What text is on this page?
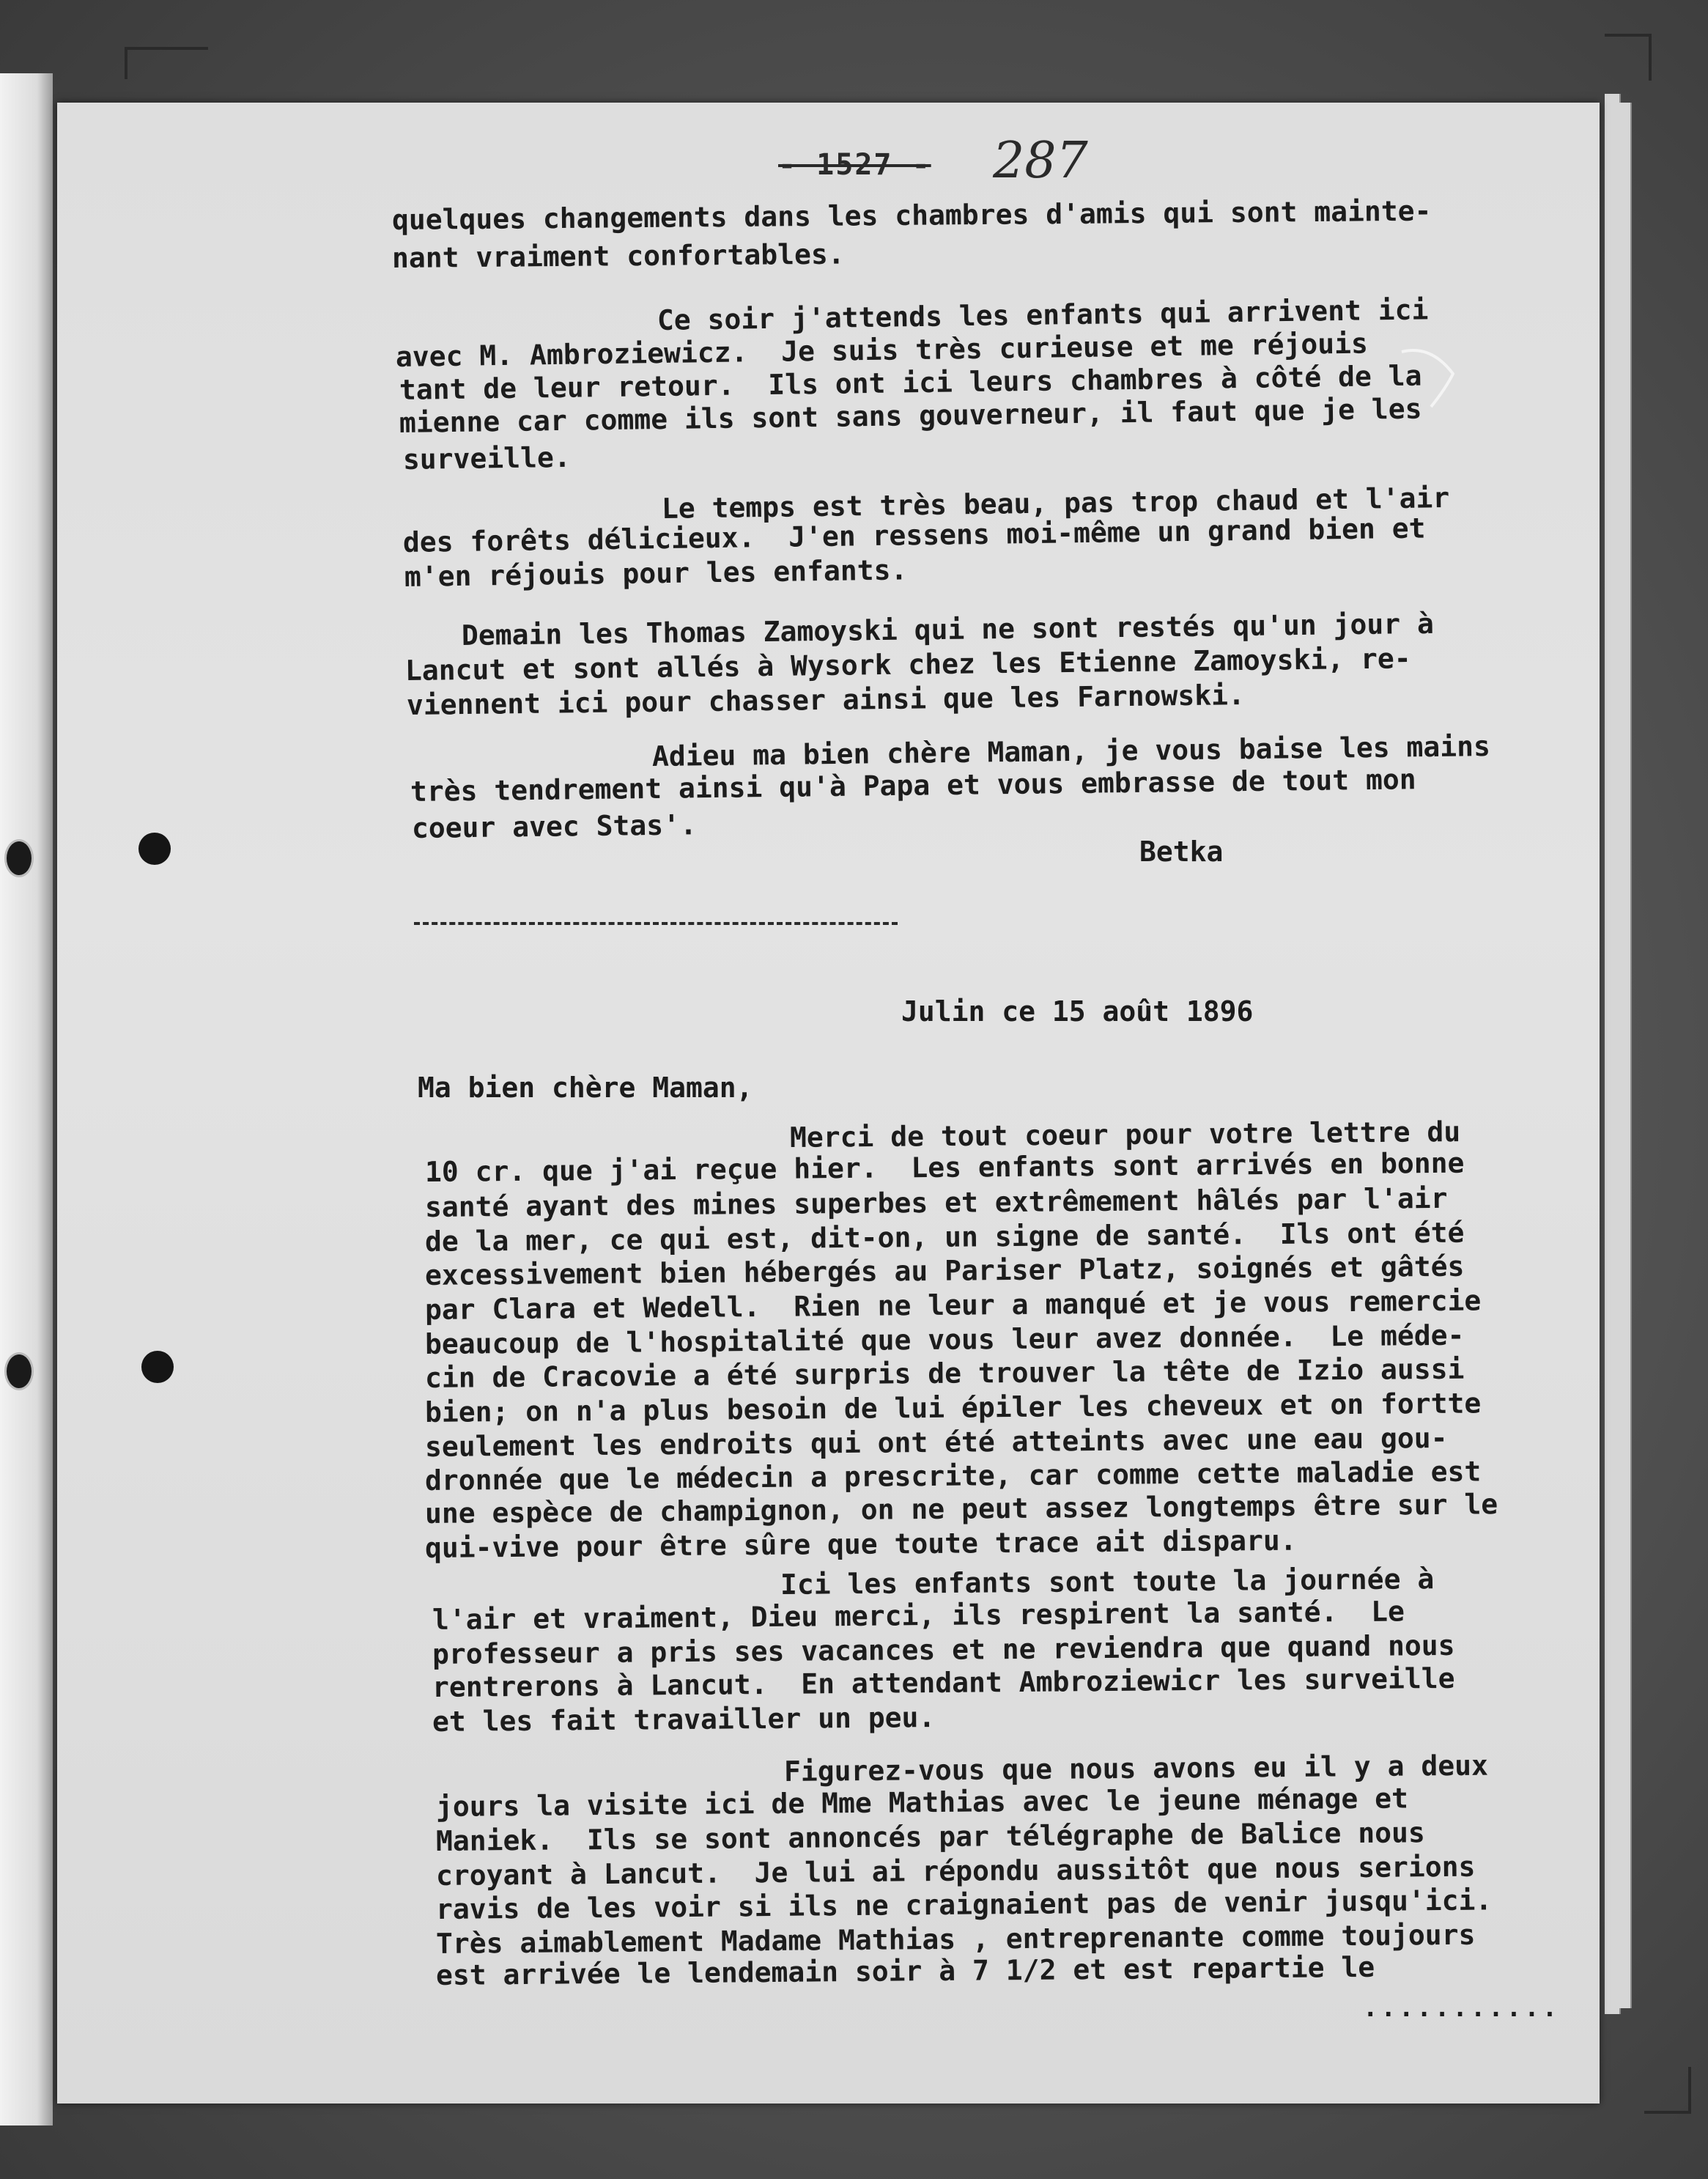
- 1527 - 287

quelques changements dans les chambres d'amis qui sont mainte-

nant vraiment confortables.

Ce soir j'attends les enfants qui arrivent ici

avec M. Ambroziewicz.  Je suis très curieuse et me réjouis

tant de leur retour.  Ils ont ici leurs chambres à côté de la

mienne car comme ils sont sans gouverneur, il faut que je les

surveille.

Le temps est très beau, pas trop chaud et l'air

des forêts délicieux.  J'en ressens moi-même un grand bien et

m'en réjouis pour les enfants.

Demain les Thomas Zamoyski qui ne sont restés qu'un jour à

Lancut et sont allés à Wysork chez les Etienne Zamoyski, re-

viennent ici pour chasser ainsi que les Farnowski.

Adieu ma bien chère Maman, je vous baise les mains

très tendrement ainsi qu'à Papa et vous embrasse de tout mon

coeur avec Stas'.

Betka

Julin ce 15 août 1896

Ma bien chère Maman,

Merci de tout coeur pour votre lettre du

10 cr. que j'ai reçue hier.  Les enfants sont arrivés en bonne

santé ayant des mines superbes et extrêmement hâlés par l'air

de la mer, ce qui est, dit-on, un signe de santé.  Ils ont été

excessivement bien hébergés au Pariser Platz, soignés et gâtés

par Clara et Wedell.  Rien ne leur a manqué et je vous remercie

beaucoup de l'hospitalité que vous leur avez donnée.  Le méde-

cin de Cracovie a été surpris de trouver la tête de Izio aussi

bien; on n'a plus besoin de lui épiler les cheveux et on fortte

seulement les endroits qui ont été atteints avec une eau gou-

dronnée que le médecin a prescrite, car comme cette maladie est

une espèce de champignon, on ne peut assez longtemps être sur le

qui-vive pour être sûre que toute trace ait disparu.

Ici les enfants sont toute la journée à

l'air et vraiment, Dieu merci, ils respirent la santé.  Le

professeur a pris ses vacances et ne reviendra que quand nous

rentrerons à Lancut.  En attendant Ambroziewicr les surveille

et les fait travailler un peu.

Figurez-vous que nous avons eu il y a deux

jours la visite ici de Mme Mathias avec le jeune ménage et

Maniek.  Ils se sont annoncés par télégraphe de Balice nous

croyant à Lancut.  Je lui ai répondu aussitôt que nous serions

ravis de les voir si ils ne craignaient pas de venir jusqu'ici.

Très aimablement Madame Mathias , entreprenante comme toujours

est arrivée le lendemain soir à 7 1/2 et est repartie le

...........
